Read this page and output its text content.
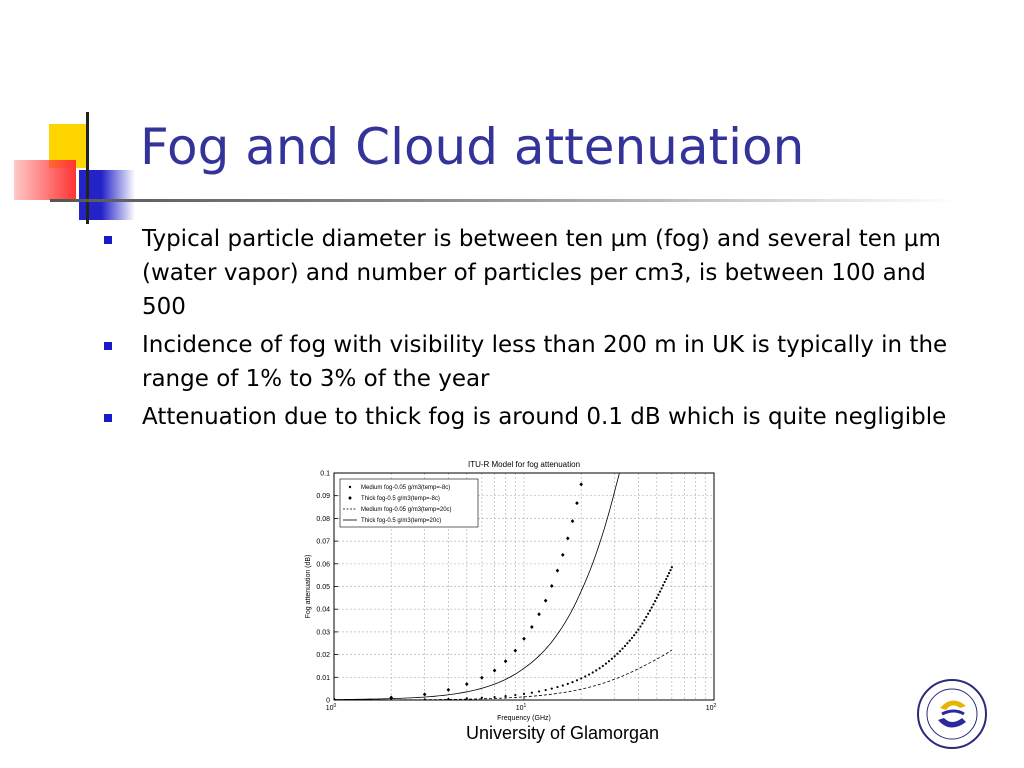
Fog and Cloud attenuation
Typical particle diameter is between ten µm (fog) and several ten µm (water vapor) and number of particles per cm3, is between 100 and 500
Incidence of fog with visibility less than 200 m in UK is typically in the range of 1% to 3% of the year
Attenuation due to thick fog is around 0.1 dB which is quite negligible
0
0.01
0.02
0.03
0.04
0.05
0.06
0.07
0.08
0.09
0.1
$10^0$	$10^1$	$10^2$
ITU-R Model for fog attenuation
Frequency (GHz)
Fog attenuation (dB)
Medium fog-0.05 g/m3(temp=-8c)
Thick fog-0.5 g/m3(temp=-8c)
Medium fog-0.05 g/m3(temp=20c)
Thick fog-0.5 g/m3(temp=20c)
University of Glamorgan
